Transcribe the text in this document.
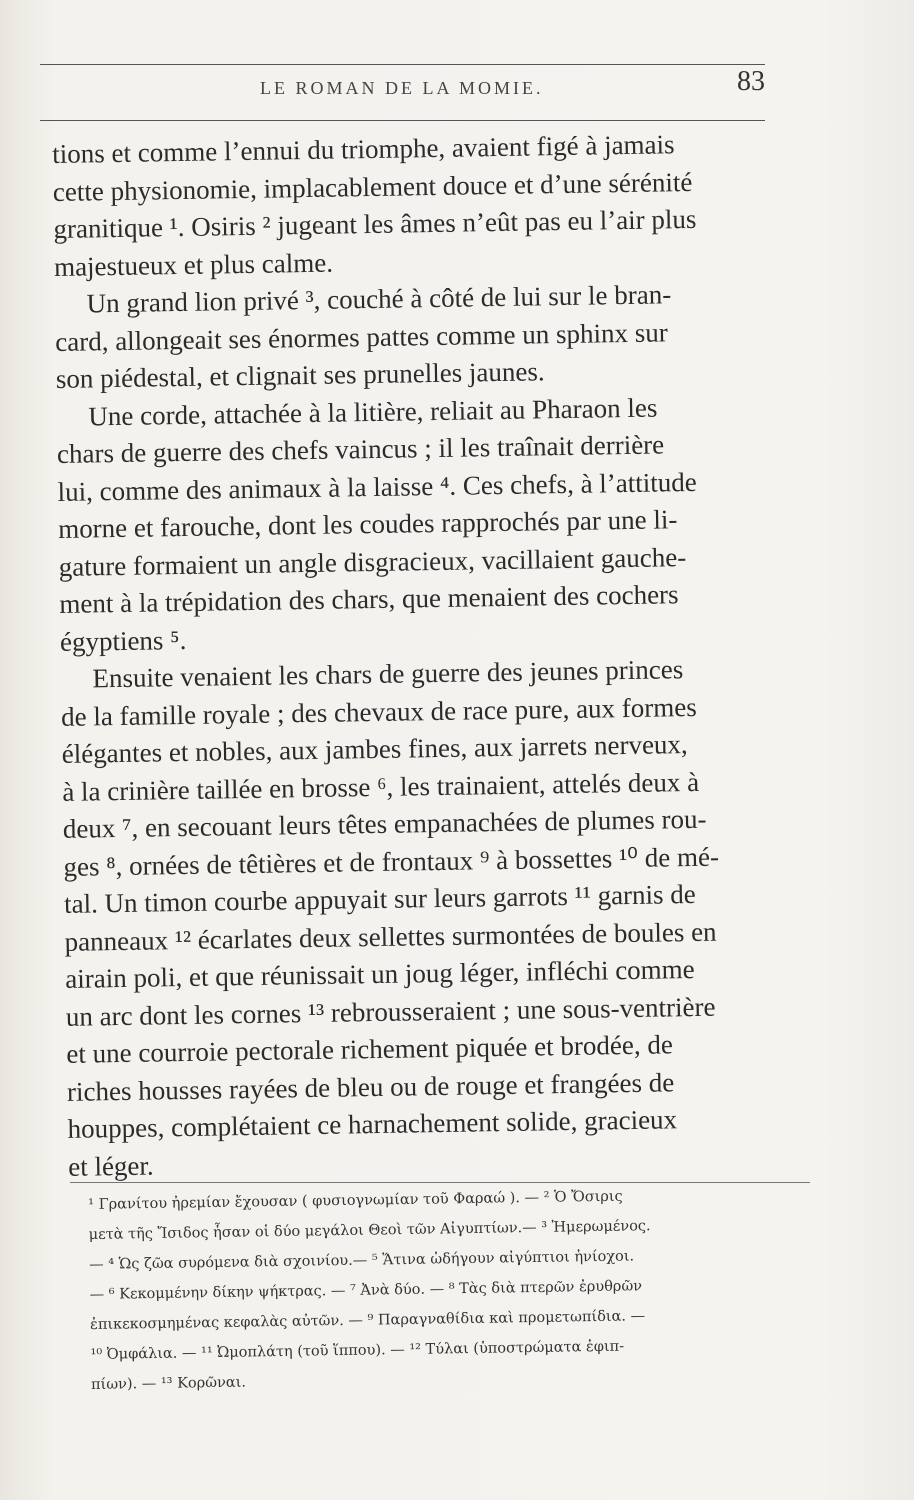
LE ROMAN DE LA MOMIE.	83
tions et comme l’ennui du triomphe, avaient figé à jamais
cette physionomie, implacablement douce et d’une sérénité
granitique ¹. Osiris ² jugeant les âmes n’eût pas eu l’air plus
majestueux et plus calme.
Un grand lion privé ³, couché à côté de lui sur le bran-
card, allongeait ses énormes pattes comme un sphinx sur
son piédestal, et clignait ses prunelles jaunes.
Une corde, attachée à la litière, reliait au Pharaon les
chars de guerre des chefs vaincus ; il les traînait derrière
lui, comme des animaux à la laisse ⁴. Ces chefs, à l’attitude
morne et farouche, dont les coudes rapprochés par une li-
gature formaient un angle disgracieux, vacillaient gauche-
ment à la trépidation des chars, que menaient des cochers
égyptiens ⁵.
Ensuite venaient les chars de guerre des jeunes princes
de la famille royale ; des chevaux de race pure, aux formes
élégantes et nobles, aux jambes fines, aux jarrets nerveux,
à la crinière taillée en brosse ⁶, les trainaient, attelés deux à
deux ⁷, en secouant leurs têtes empanachées de plumes rou-
ges ⁸, ornées de têtières et de frontaux ⁹ à bossettes ¹⁰ de mé-
tal. Un timon courbe appuyait sur leurs garrots ¹¹ garnis de
panneaux ¹² écarlates deux sellettes surmontées de boules en
airain poli, et que réunissait un joug léger, infléchi comme
un arc dont les cornes ¹³ rebrousseraient ; une sous-ventrière
et une courroie pectorale richement piquée et brodée, de
riches housses rayées de bleu ou de rouge et frangées de
houppes, complétaient ce harnachement solide, gracieux
et léger.
¹ Γρανίτου ἠρεμίαν ἔχουσαν ( φυσιογνωμίαν τοῦ Φαραώ ). — ² Ὁ Ὄσιρις
μετὰ τῆς Ἴσιδος ἦσαν οἱ δύο μεγάλοι Θεοὶ τῶν Αἰγυπτίων.— ³ Ἡμερωμένος.
— ⁴ Ὡς ζῶα συρόμενα διὰ σχοινίου.— ⁵ Ἅτινα ὡδήγουν αἰγύπτιοι ἡνίοχοι.
— ⁶ Κεκομμένην δίκην ψήκτρας. — ⁷ Ἀνὰ δύο. — ⁸ Τὰς διὰ πτερῶν ἐρυθρῶν
ἐπικεκοσμημένας κεφαλὰς αὐτῶν. — ⁹ Παραγναθίδια καὶ προμετωπίδια. —
¹⁰ Ὀμφάλια. — ¹¹ Ὠμοπλάτη (τοῦ ἵππου). — ¹² Τύλαι (ὑποστρώματα ἐφιπ-
πίων). — ¹³ Κορῶναι.
